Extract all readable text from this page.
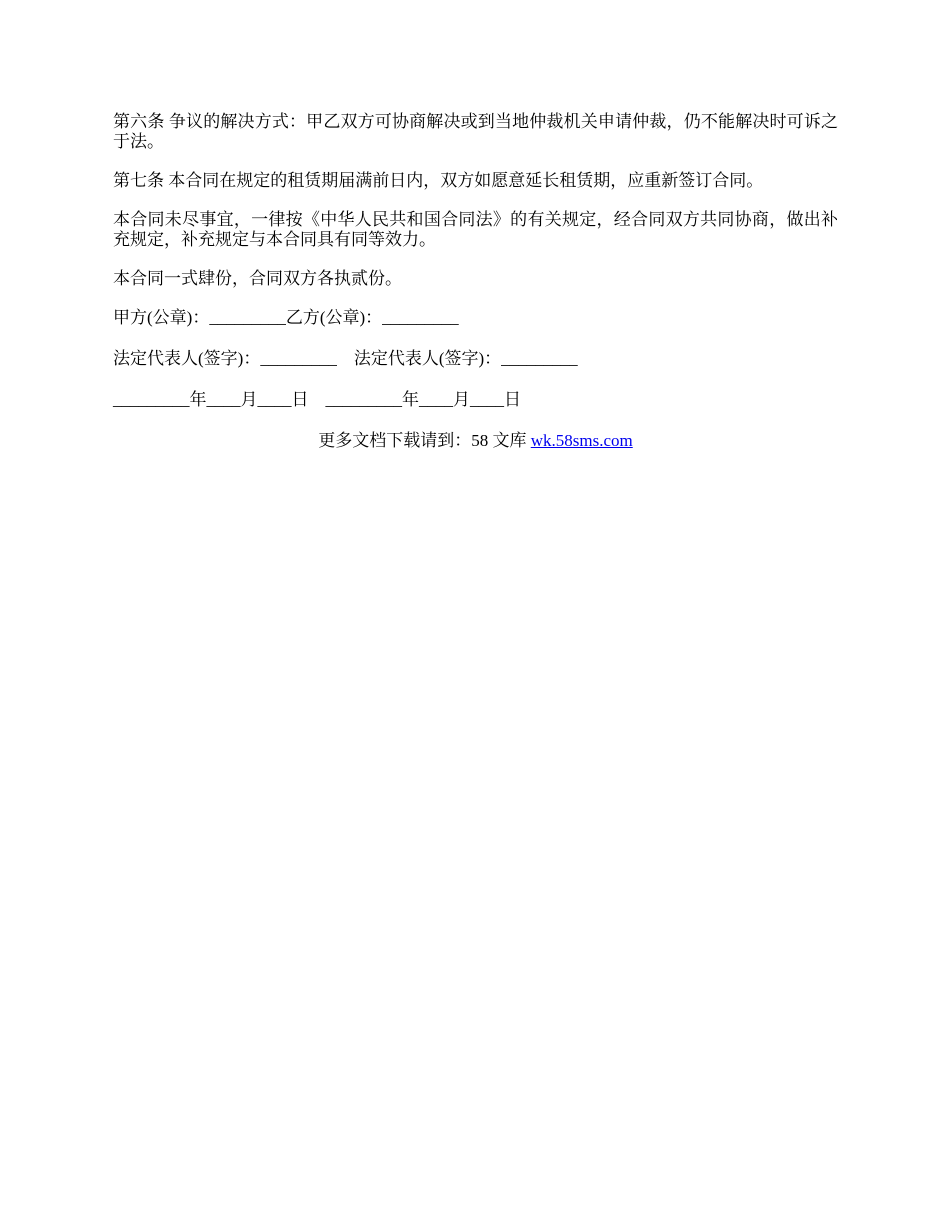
第六条 争议的解决方式：甲乙双方可协商解决或到当地仲裁机关申请仲裁，仍不能解决时可诉之于法。

第七条 本合同在规定的租赁期届满前日内，双方如愿意延长租赁期，应重新签订合同。

本合同未尽事宜，一律按《中华人民共和国合同法》的有关规定，经合同双方共同协商，做出补充规定，补充规定与本合同具有同等效力。

本合同一式肆份，合同双方各执贰份。

甲方(公章)：_________乙方(公章)：_________

法定代表人(签字)：_________    法定代表人(签字)：_________

_________年____月____日    _________年____月____日

更多文档下载请到：58 文库 wk.58sms.com
